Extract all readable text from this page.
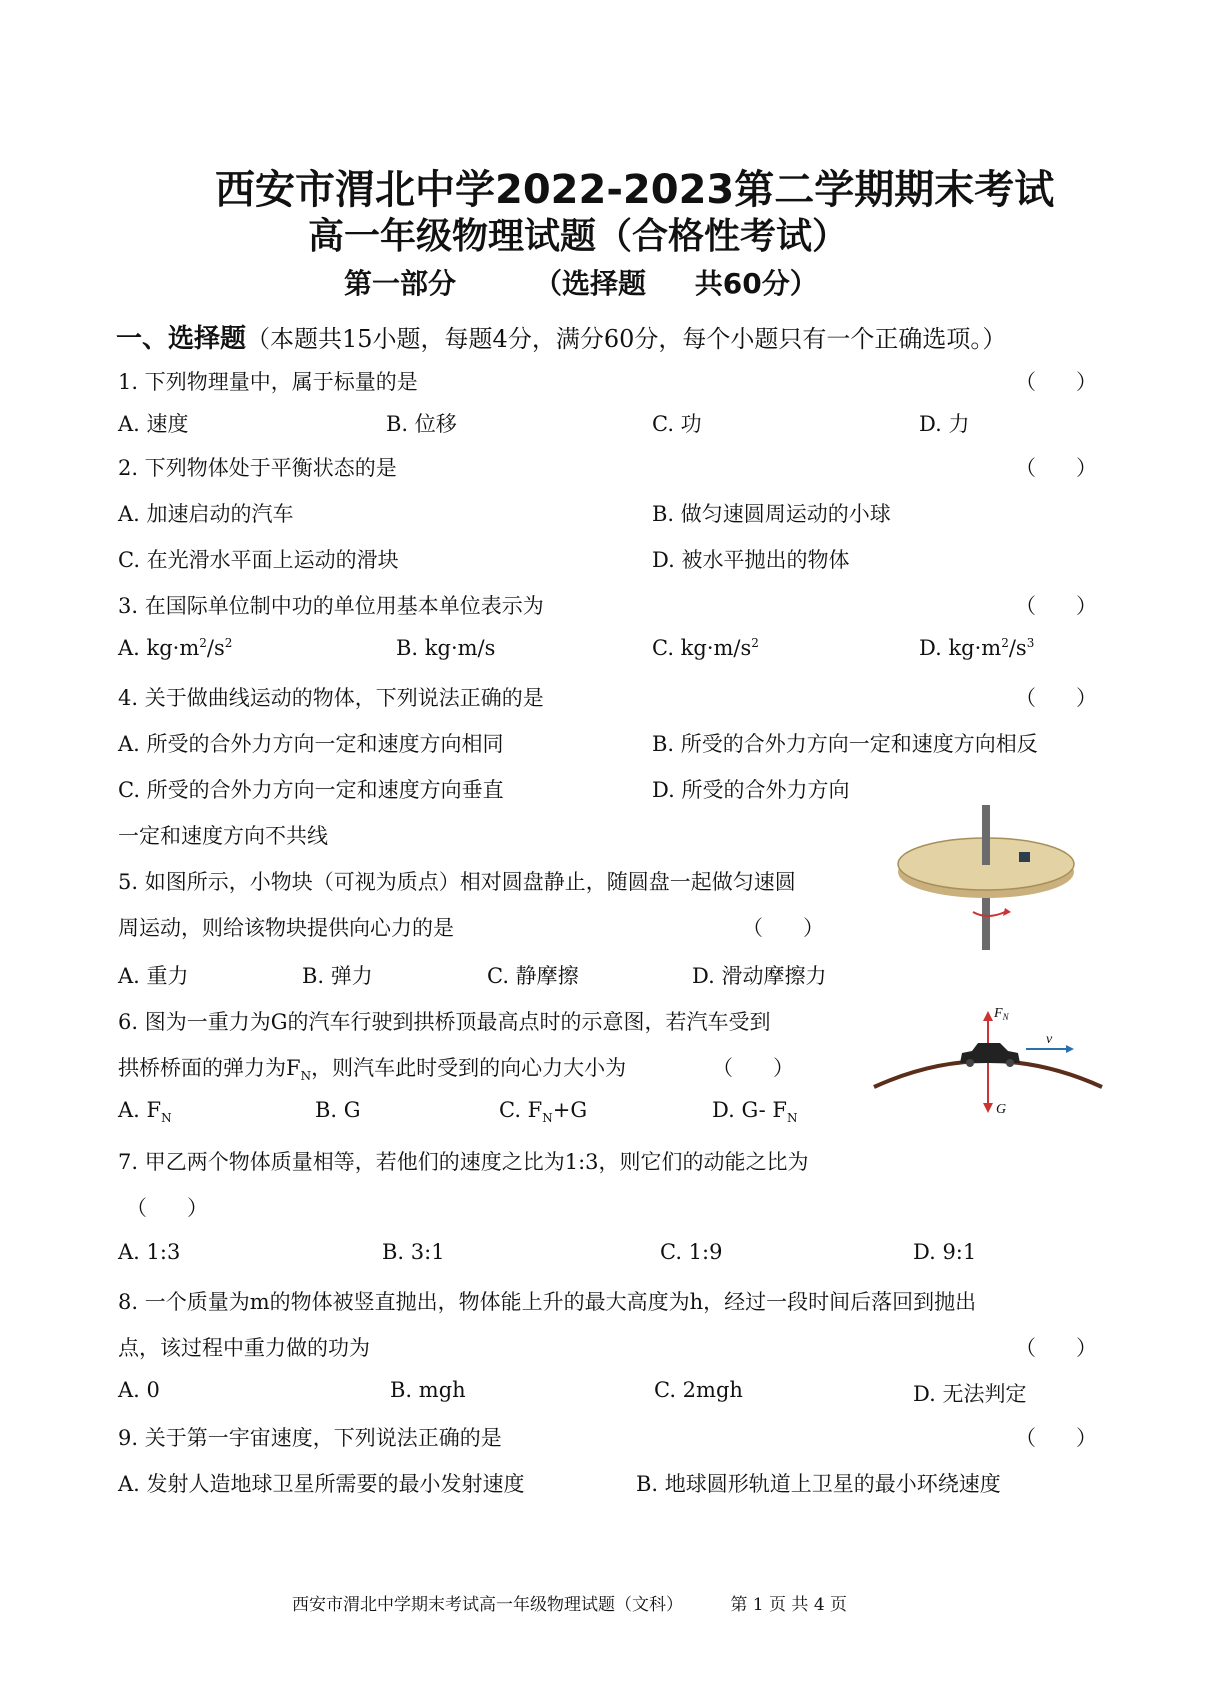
西安市渭北中学2022-2023第二学期期末考试
高一年级物理试题（合格性考试）
第一部分        （选择题     共60分）
一、选择题（本题共15小题，每题4分，满分60分，每个小题只有一个正确选项。）
1. 下列物理量中，属于标量的是	（      ）
A. 速度	B. 位移	C. 功	D. 力
2. 下列物体处于平衡状态的是	（      ）
A. 加速启动的汽车	B. 做匀速圆周运动的小球
C. 在光滑水平面上运动的滑块	D. 被水平抛出的物体
3. 在国际单位制中功的单位用基本单位表示为	（      ）
A. $kg\cdot m^2/s^2$	B. kg·m/s	C. $kg\cdot m/s^2$	D. $kg\cdot m^2/s^3$
4. 关于做曲线运动的物体，下列说法正确的是	（      ）
A. 所受的合外力方向一定和速度方向相同	B. 所受的合外力方向一定和速度方向相反
C. 所受的合外力方向一定和速度方向垂直	D. 所受的合外力方向
一定和速度方向不共线
5. 如图所示，小物块（可视为质点）相对圆盘静止，随圆盘一起做匀速圆
周运动，则给该物块提供向心力的是	（      ）
A. 重力	B. 弹力	C. 静摩擦	D. 滑动摩擦力
$F_N$
G
v
6. 图为一重力为G的汽车行驶到拱桥顶最高点时的示意图，若汽车受到
拱桥桥面的弹力为$F_N$，则汽车此时受到的向心力大小为	（      ）
A. $F_N$	B. G	C. $F_N+G$	D. G- $F_N$
7. 甲乙两个物体质量相等，若他们的速度之比为1:3，则它们的动能之比为
（      ）
A. 1:3	B. 3:1	C. 1:9	D. 9:1
8. 一个质量为m的物体被竖直抛出，物体能上升的最大高度为h，经过一段时间后落回到抛出
点，该过程中重力做的功为	（      ）
A. 0	B. mgh	C. 2mgh	D. 无法判定
9. 关于第一宇宙速度，下列说法正确的是	（      ）
A. 发射人造地球卫星所需要的最小发射速度	B. 地球圆形轨道上卫星的最小环绕速度
西安市渭北中学期末考试高一年级物理试题（文科）	第 1 页 共 4 页
